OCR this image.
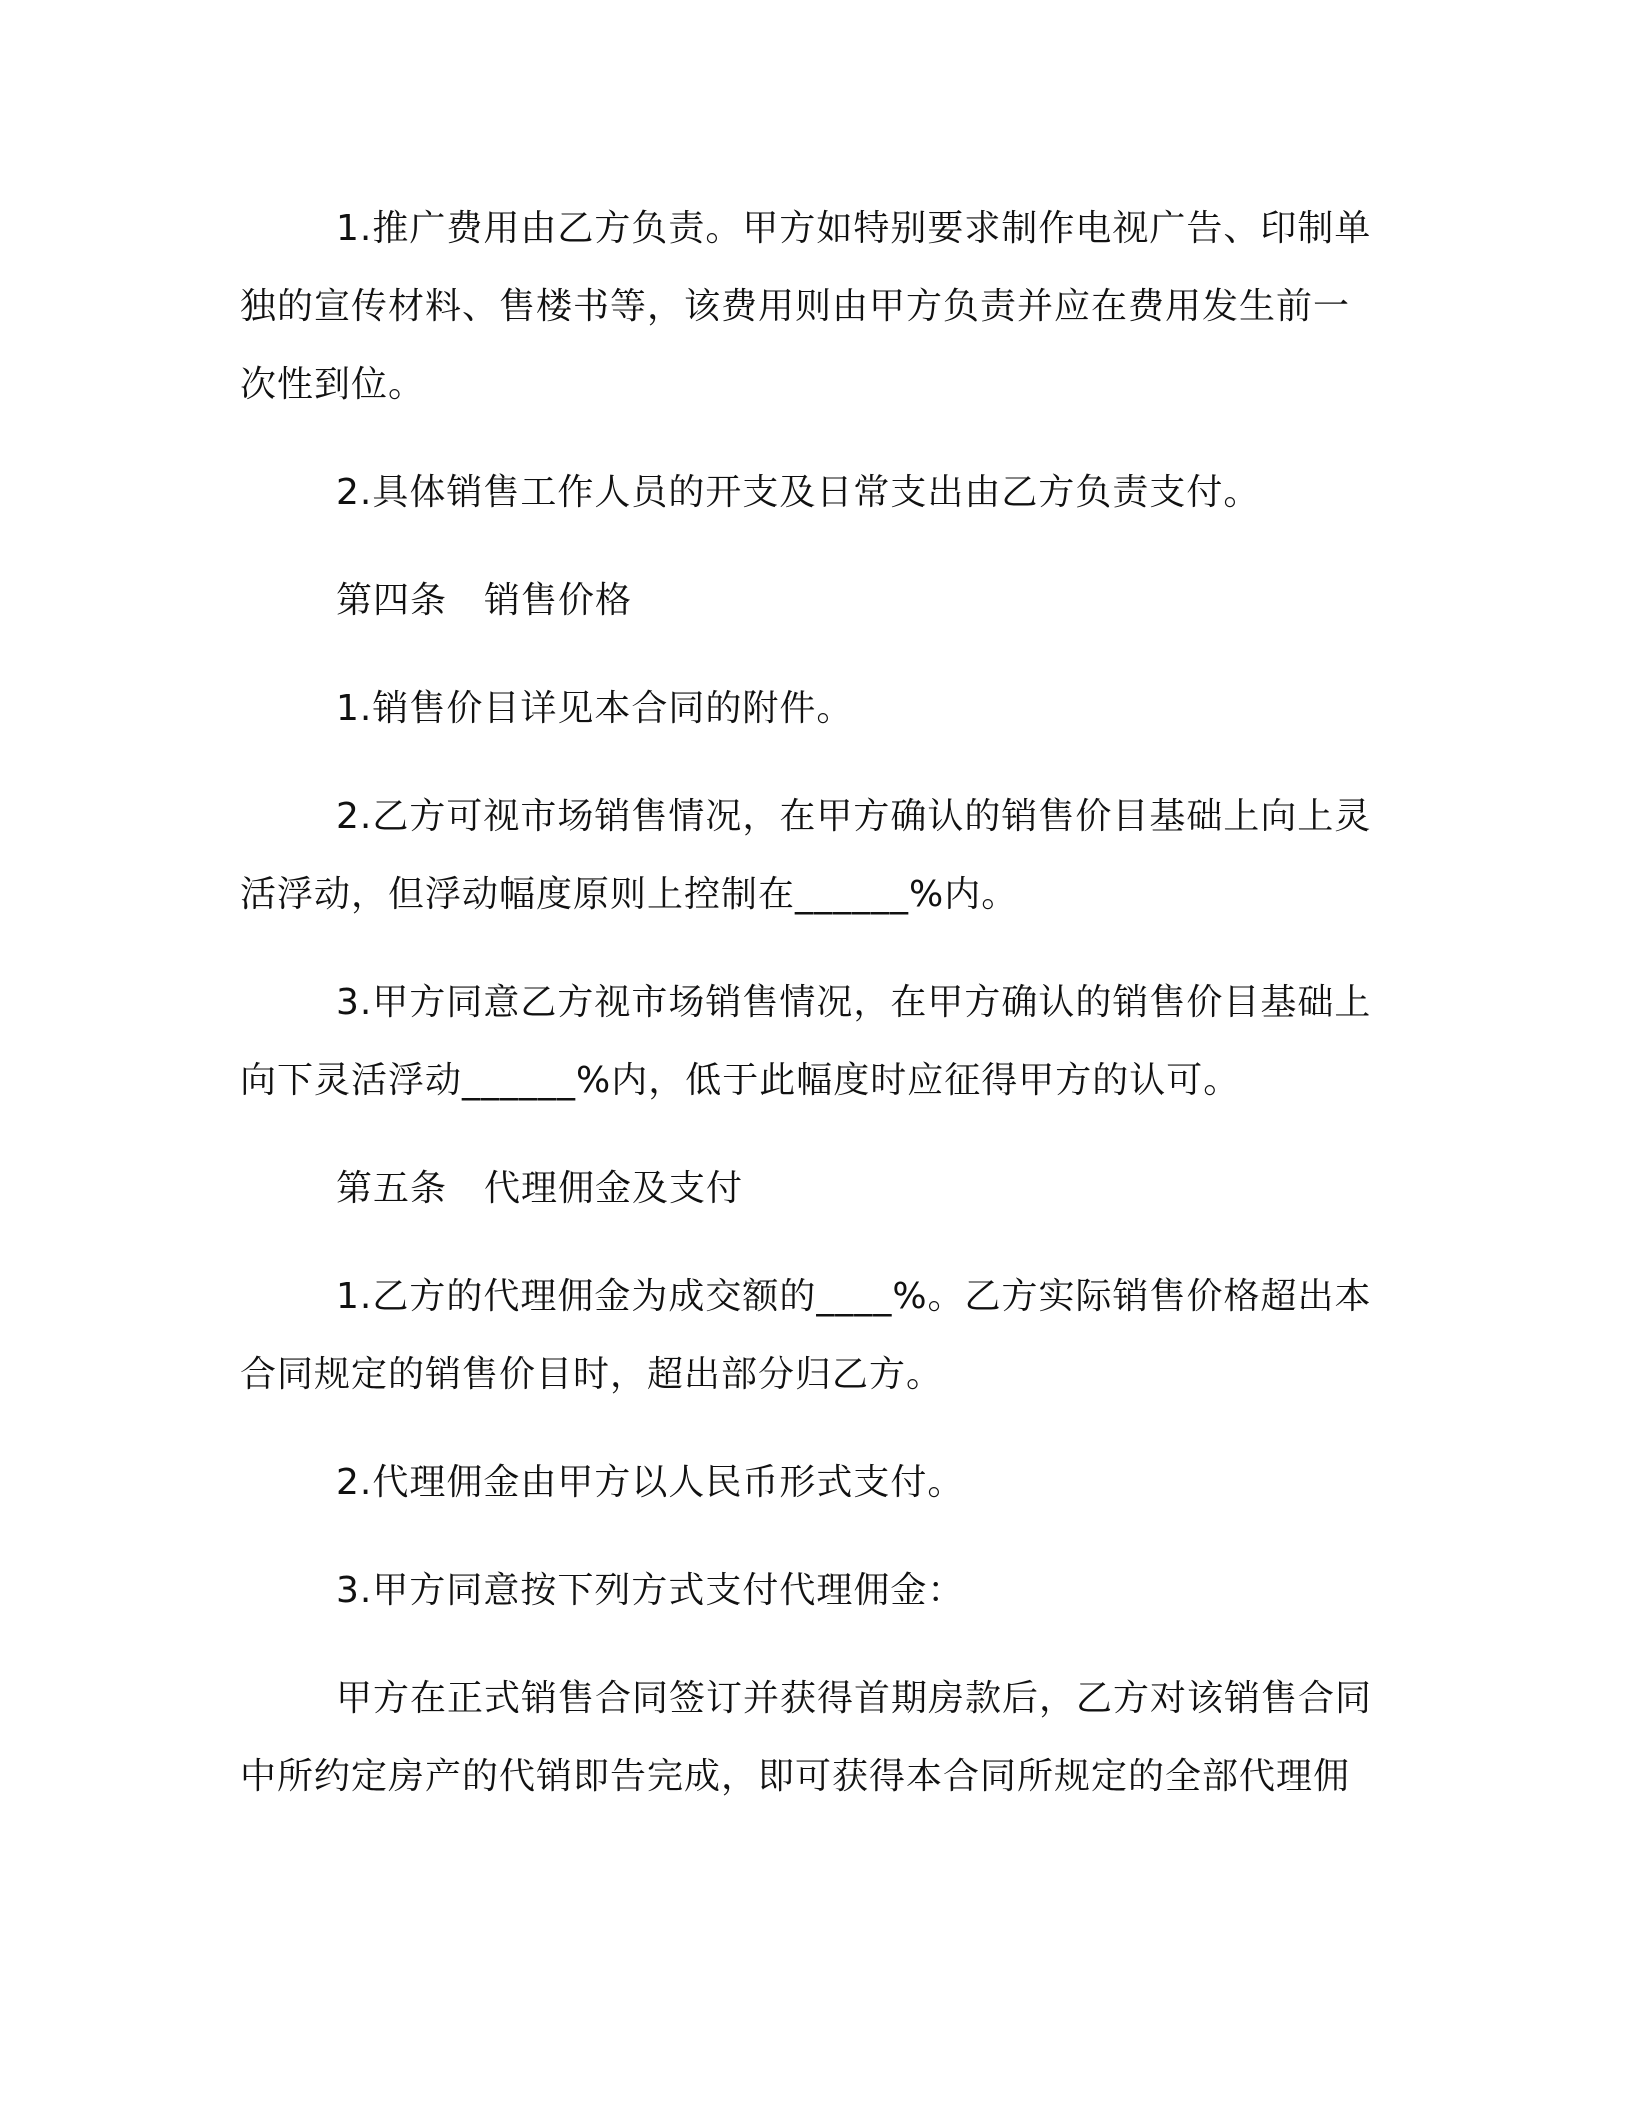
1.推广费用由乙方负责。甲方如特别要求制作电视广告、印制单独的宣传材料、售楼书等，该费用则由甲方负责并应在费用发生前一次性到位。

2.具体销售工作人员的开支及日常支出由乙方负责支付。

第四条　销售价格

1.销售价目详见本合同的附件。

2.乙方可视市场销售情况，在甲方确认的销售价目基础上向上灵活浮动，但浮动幅度原则上控制在______%内。

3.甲方同意乙方视市场销售情况，在甲方确认的销售价目基础上向下灵活浮动______%内，低于此幅度时应征得甲方的认可。

第五条　代理佣金及支付

1.乙方的代理佣金为成交额的____%。乙方实际销售价格超出本合同规定的销售价目时，超出部分归乙方。

2.代理佣金由甲方以人民币形式支付。

3.甲方同意按下列方式支付代理佣金：

甲方在正式销售合同签订并获得首期房款后，乙方对该销售合同中所约定房产的代销即告完成，即可获得本合同所规定的全部代理佣
